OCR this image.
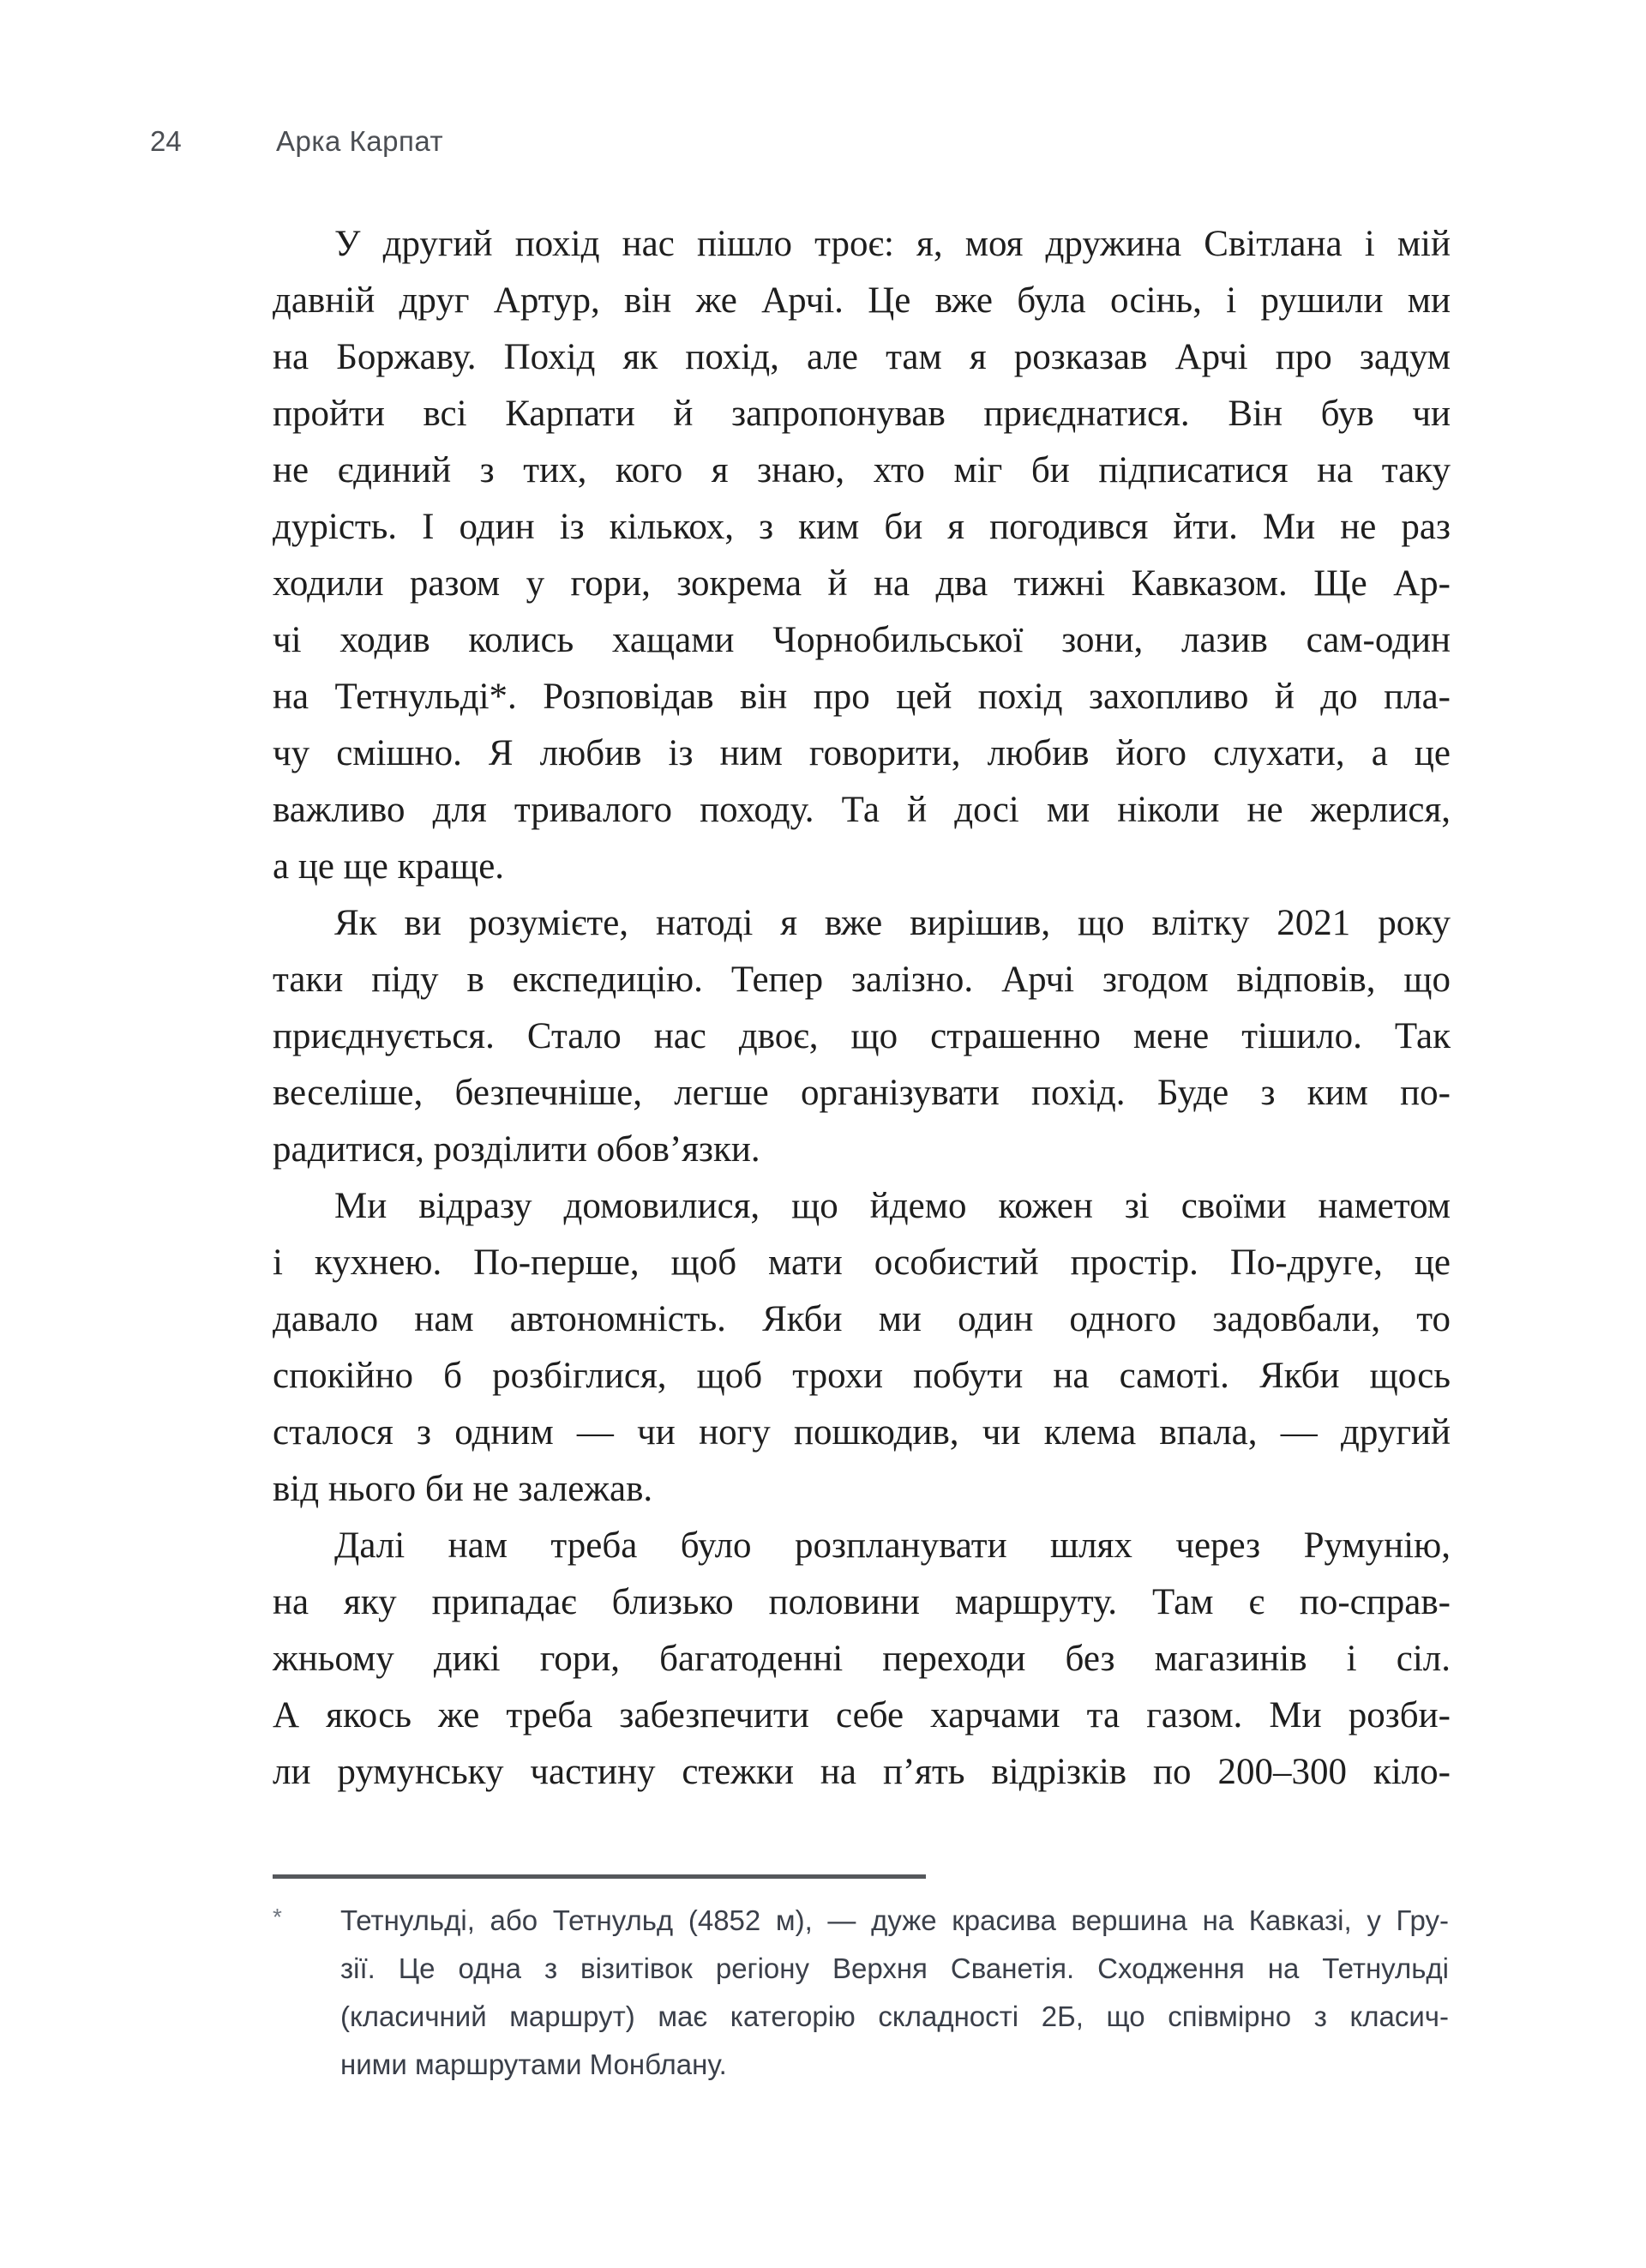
24	Арка Карпат
У другий похід нас пішло троє: я, моя дружина Світлана і мій
давній друг Артур, він же Арчі. Це вже була осінь, і рушили ми
на Боржаву. Похід як похід, але там я розказав Арчі про задум
пройти всі Карпати й запропонував приєднатися. Він був чи
не єдиний з тих, кого я знаю, хто міг би підписатися на таку
дурість. І один із кількох, з ким би я погодився йти. Ми не раз
ходили разом у гори, зокрема й на два тижні Кавказом. Ще Ар-
чі ходив колись хащами Чорнобильської зони, лазив сам-один
на Тетнульді*. Розповідав він про цей похід захопливо й до пла-
чу смішно. Я любив із ним говорити, любив його слухати, а це
важливо для тривалого походу. Та й досі ми ніколи не жерлися,
а це ще краще.
Як ви розумієте, натоді я вже вирішив, що влітку 2021 року
таки піду в експедицію. Тепер залізно. Арчі згодом відповів, що
приєднується. Стало нас двоє, що страшенно мене тішило. Так
веселіше, безпечніше, легше організувати похід. Буде з ким по-
радитися, розділити обов’язки.
Ми відразу домовилися, що йдемо кожен зі своїми наметом
і кухнею. По-перше, щоб мати особистий простір. По-друге, це
давало нам автономність. Якби ми один одного задовбали, то
спокійно б розбіглися, щоб трохи побути на самоті. Якби щось
сталося з одним — чи ногу пошкодив, чи клема впала, — другий
від нього би не залежав.
Далі нам треба було розпланувати шлях через Румунію,
на яку припадає близько половини маршруту. Там є по-справ-
жньому дикі гори, багатоденні переходи без магазинів і сіл.
А якось же треба забезпечити себе харчами та газом. Ми розби-
ли румунську частину стежки на п’ять відрізків по 200–300 кіло-
* Тетнульді, або Тетнульд (4852 м), — дуже красива вершина на Кавказі, у Гру-
зії. Це одна з візитівок регіону Верхня Сванетія. Сходження на Тетнульді
(класичний маршрут) має категорію складності 2Б, що співмірно з класич-
ними маршрутами Монблану.
